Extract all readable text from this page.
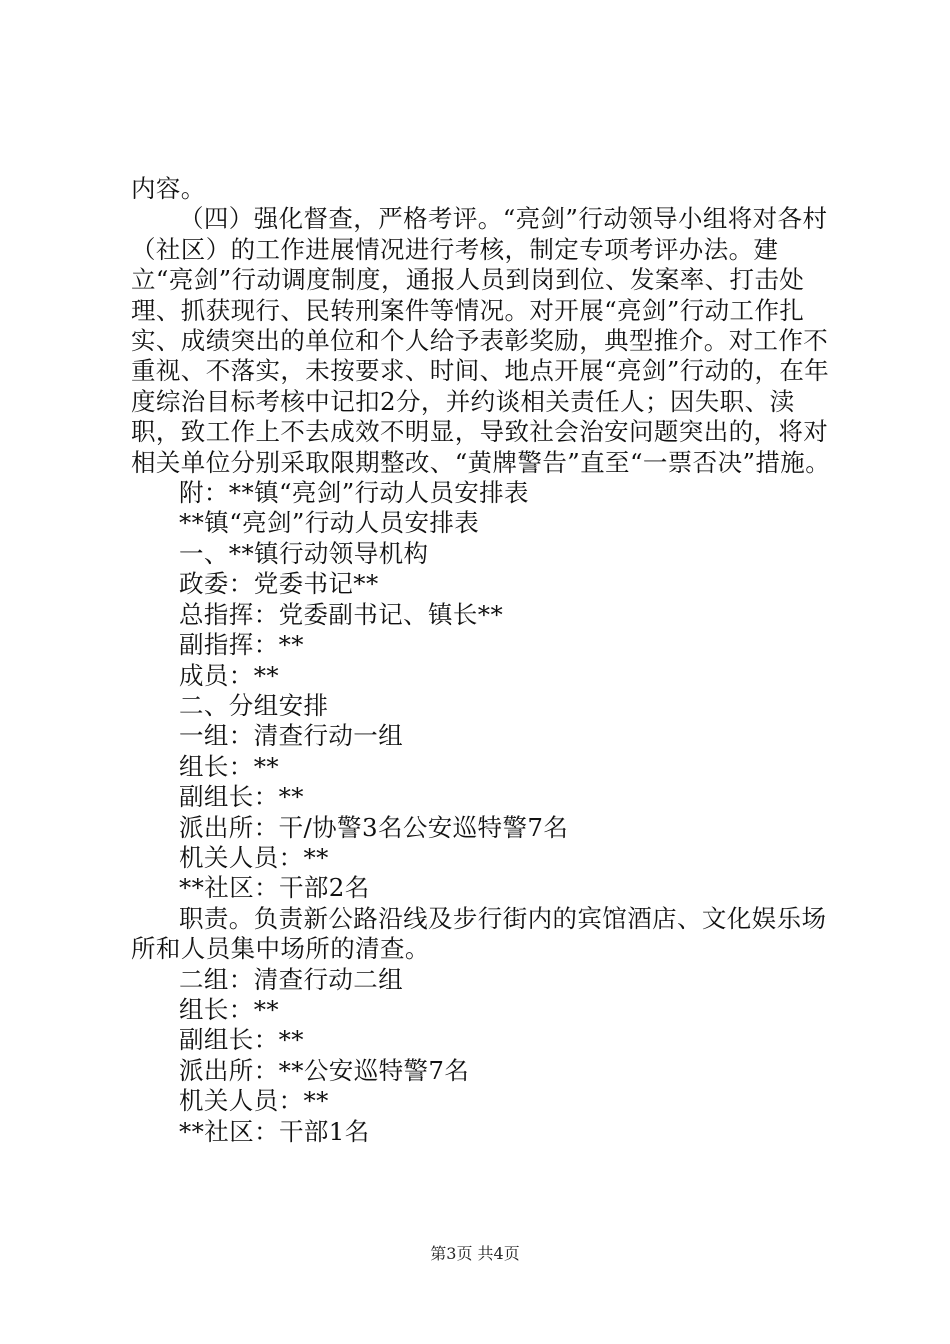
内容。

（四）强化督查，严格考评。“亮剑”行动领导小组将对各村（社区）的工作进展情况进行考核，制定专项考评办法。建立“亮剑”行动调度制度，通报人员到岗到位、发案率、打击处理、抓获现行、民转刑案件等情况。对开展“亮剑”行动工作扎实、成绩突出的单位和个人给予表彰奖励，典型推介。对工作不重视、不落实，未按要求、时间、地点开展“亮剑”行动的，在年度综治目标考核中记扣2分，并约谈相关责任人；因失职、渎职，致工作上不去成效不明显，导致社会治安问题突出的，将对相关单位分别采取限期整改、“黄牌警告”直至“一票否决”措施。

附：**镇“亮剑”行动人员安排表

**镇“亮剑”行动人员安排表

一、**镇行动领导机构

政委：党委书记**

总指挥：党委副书记、镇长**

副指挥：**

成员：**

二、分组安排

一组：清查行动一组

组长：**

副组长：**

派出所：干/协警3名公安巡特警7名

机关人员：**

**社区：干部2名

职责。负责新公路沿线及步行街内的宾馆酒店、文化娱乐场所和人员集中场所的清查。

二组：清查行动二组

组长：**

副组长：**

派出所：**公安巡特警7名

机关人员：**

**社区：干部1名

第3页 共4页
